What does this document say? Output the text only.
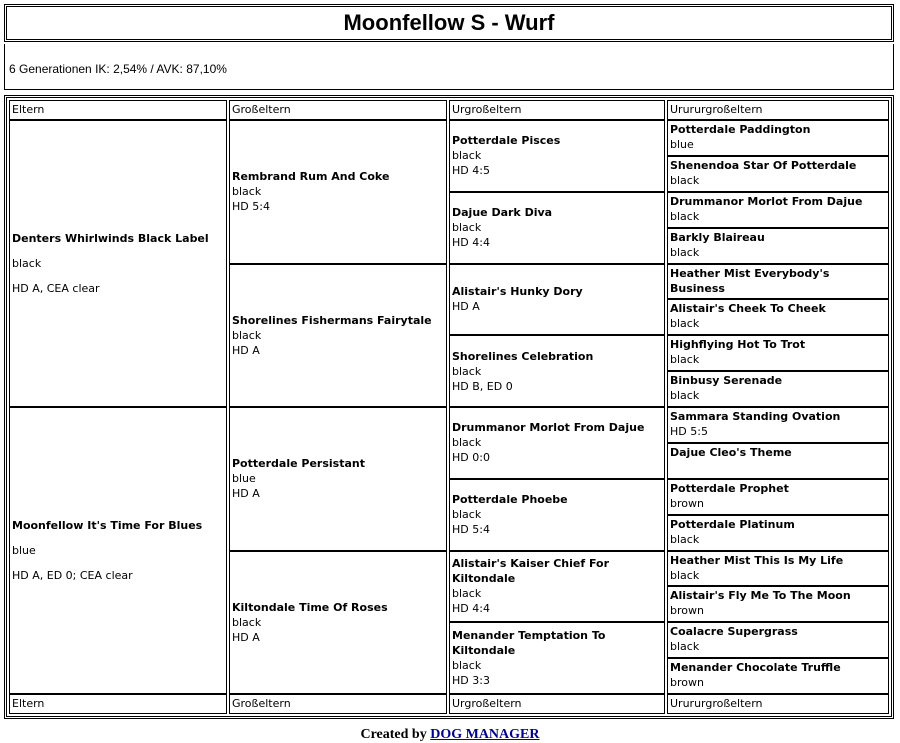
Moonfellow S - Wurf
6 Generationen IK: 2,54% / AVK: 87,10%
Eltern
Eltern
Großeltern
Großeltern
Urgroßeltern
Urgroßeltern
Urururgroßeltern
Urururgroßeltern
Denters Whirlwinds Black Label
black
HD A, CEA clear
Moonfellow It's Time For Blues
blue
HD A, ED 0; CEA clear
Rembrand Rum And Coke
black
HD 5:4
Shorelines Fishermans Fairytale
black
HD A
Potterdale Persistant
blue
HD A
Kiltondale Time Of Roses
black
HD A
Potterdale Pisces
black
HD 4:5
Dajue Dark Diva
black
HD 4:4
Alistair's Hunky Dory
HD A
Shorelines Celebration
black
HD B, ED 0
Drummanor Morlot From Dajue
black
HD 0:0
Potterdale Phoebe
black
HD 5:4
Alistair's Kaiser Chief For Kiltondale
black
HD 4:4
Menander Temptation To Kiltondale
black
HD 3:3
Potterdale Paddington
blue
Shenendoa Star Of Potterdale
black
Drummanor Morlot From Dajue
black
Barkly Blaireau
black
Heather Mist Everybody's Business
Alistair's Cheek To Cheek
black
Highflying Hot To Trot
black
Binbusy Serenade
black
Sammara Standing Ovation
HD 5:5
Dajue Cleo's Theme
Potterdale Prophet
brown
Potterdale Platinum
black
Heather Mist This Is My Life
black
Alistair's Fly Me To The Moon
brown
Coalacre Supergrass
black
Menander Chocolate Truffle
brown
Created by DOG MANAGER
